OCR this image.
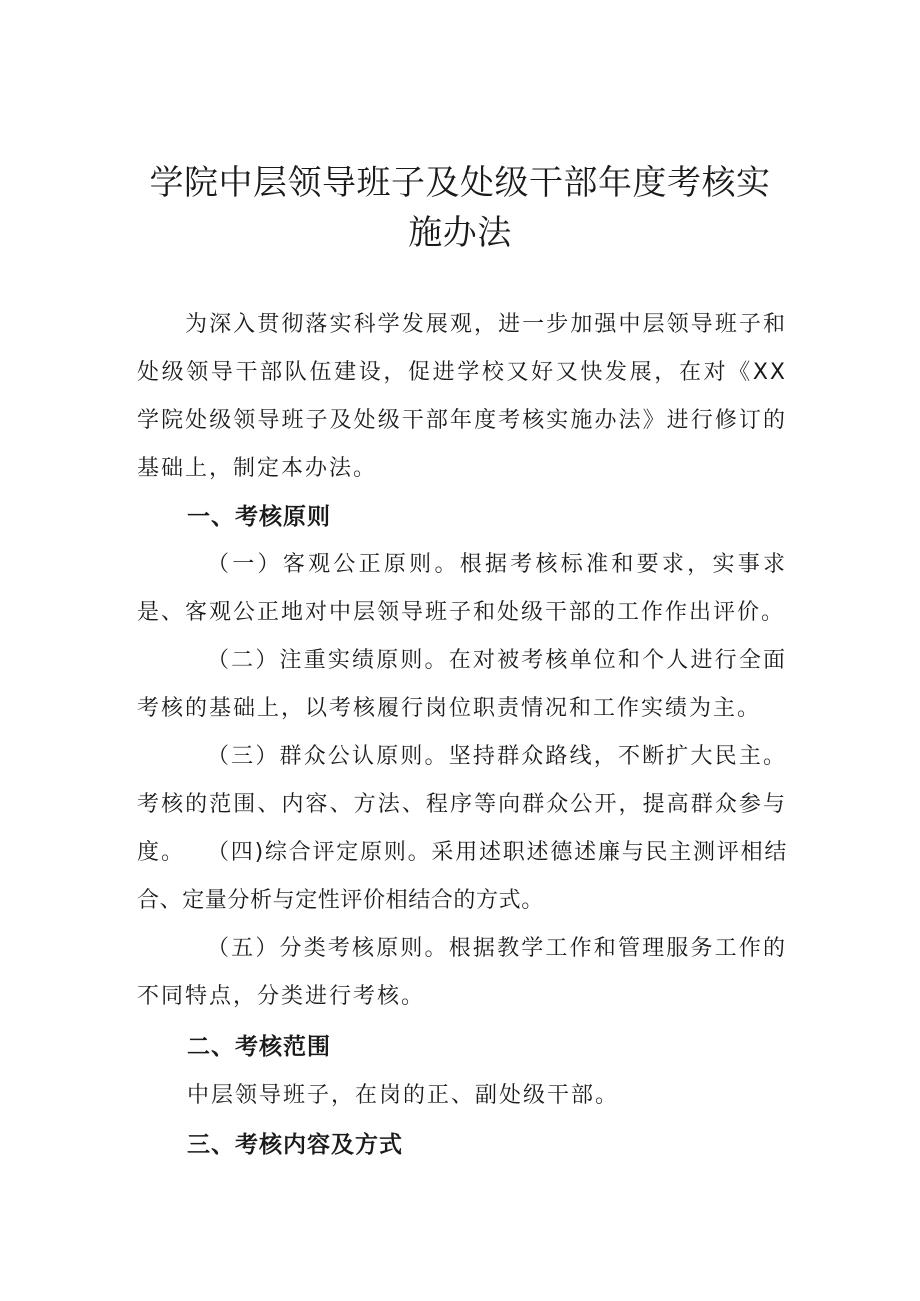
学院中层领导班子及处级干部年度考核实
施办法

为深入贯彻落实科学发展观，进一步加强中层领导班子和处级领导干部队伍建设，促进学校又好又快发展，在对《XX学院处级领导班子及处级干部年度考核实施办法》进行修订的基础上，制定本办法。

一、考核原则

（一）客观公正原则。根据考核标准和要求，实事求是、客观公正地对中层领导班子和处级干部的工作作出评价。

（二）注重实绩原则。在对被考核单位和个人进行全面考核的基础上，以考核履行岗位职责情况和工作实绩为主。

（三）群众公认原则。坚持群众路线，不断扩大民主。考核的范围、内容、方法、程序等向群众公开，提高群众参与度。 （四)综合评定原则。采用述职述德述廉与民主测评相结合、定量分析与定性评价相结合的方式。

（五）分类考核原则。根据教学工作和管理服务工作的不同特点，分类进行考核。

二、考核范围

中层领导班子，在岗的正、副处级干部。

三、考核内容及方式
